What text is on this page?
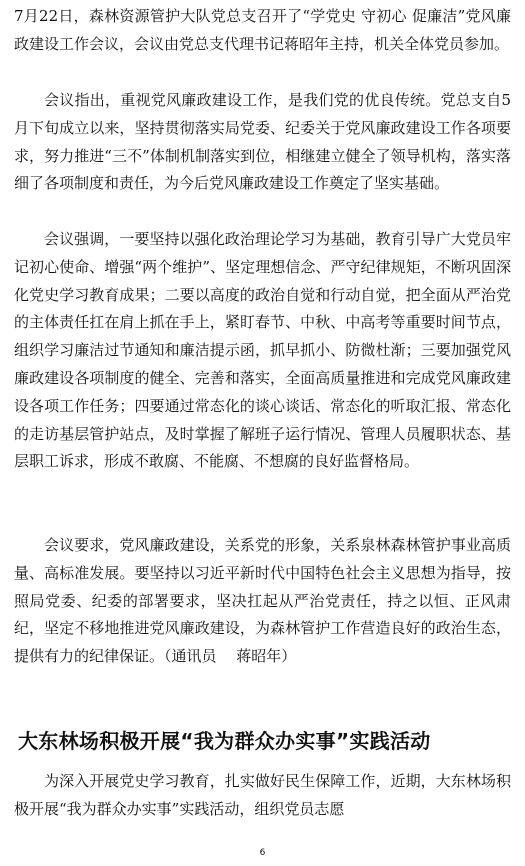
7月22日，森林资源管护大队党总支召开了“学党史 守初心 促廉洁”党风廉政建设工作会议，会议由党总支代理书记蒋昭年主持，机关全体党员参加。

会议指出，重视党风廉政建设工作，是我们党的优良传统。党总支自5月下旬成立以来，坚持贯彻落实局党委、纪委关于党风廉政建设工作各项要求，努力推进“三不”体制机制落实到位，相继建立健全了领导机构，落实落细了各项制度和责任，为今后党风廉政建设工作奠定了坚实基础。

会议强调，一要坚持以强化政治理论学习为基础，教育引导广大党员牢记初心使命、增强“两个维护”、坚定理想信念、严守纪律规矩，不断巩固深化党史学习教育成果；二要以高度的政治自觉和行动自觉，把全面从严治党的主体责任扛在肩上抓在手上，紧盯春节、中秋、中高考等重要时间节点，组织学习廉洁过节通知和廉洁提示函，抓早抓小、防微杜渐；三要加强党风廉政建设各项制度的健全、完善和落实，全面高质量推进和完成党风廉政建设各项工作任务；四要通过常态化的谈心谈话、常态化的听取汇报、常态化的走访基层管护站点，及时掌握了解班子运行情况、管理人员履职状态、基层职工诉求，形成不敢腐、不能腐、不想腐的良好监督格局。

会议要求，党风廉政建设，关系党的形象，关系泉林森林管护事业高质量、高标准发展。要坚持以习近平新时代中国特色社会主义思想为指导，按照局党委、纪委的部署要求，坚决扛起从严治党责任，持之以恒、正风肃纪，坚定不移地推进党风廉政建设，为森林管护工作营造良好的政治生态，提供有力的纪律保证。（通讯员　 蒋昭年）

大东林场积极开展“我为群众办实事”实践活动

为深入开展党史学习教育，扎实做好民生保障工作，近期，大东林场积极开展“我为群众办实事”实践活动，组织党员志愿

6
